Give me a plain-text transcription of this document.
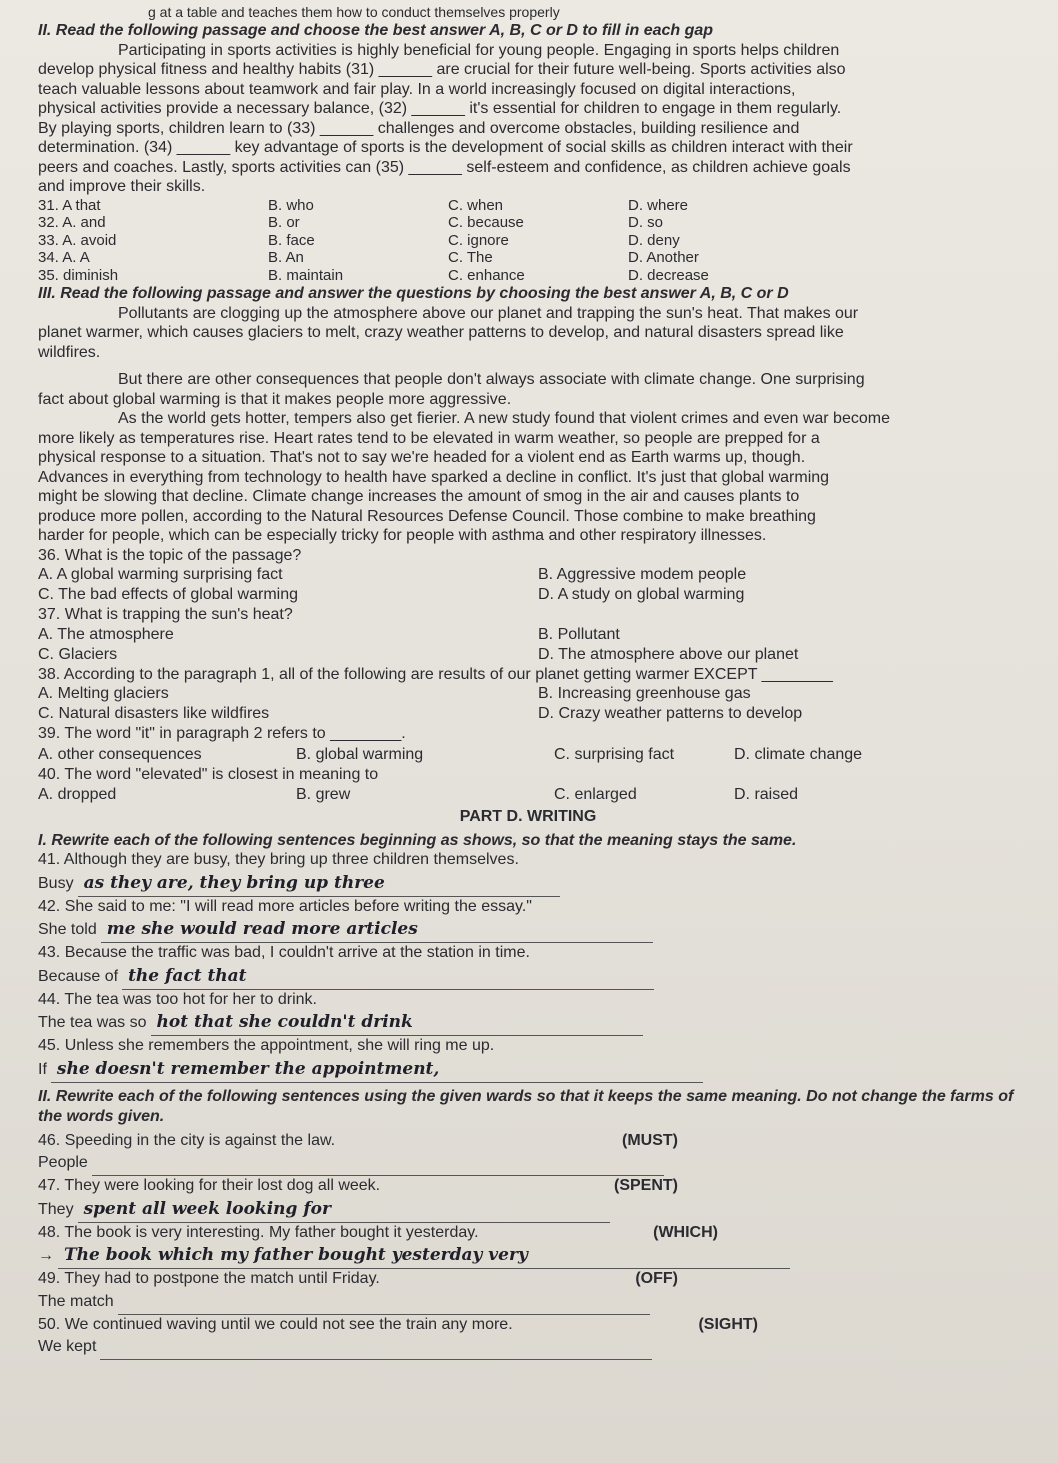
g at a table and teaches them how to conduct themselves properly
II. Read the following passage and choose the best answer A, B, C or D to fill in each gap
Participating in sports activities is highly beneficial for young people. Engaging in sports helps children
develop physical fitness and healthy habits (31) ______ are crucial for their future well-being. Sports activities also
teach valuable lessons about teamwork and fair play. In a world increasingly focused on digital interactions,
physical activities provide a necessary balance, (32) ______ it's essential for children to engage in them regularly.
By playing sports, children learn to (33) ______ challenges and overcome obstacles, building resilience and
determination. (34) ______ key advantage of sports is the development of social skills as children interact with their
peers and coaches. Lastly, sports activities can (35) ______ self-esteem and confidence, as children achieve goals
and improve their skills.
31. A that	B. who	C. when	D. where
32. A. and	B. or	C. because	D. so
33. A. avoid	B. face	C. ignore	D. deny
34. A. A	B. An	C. The	D. Another
35. diminish	B. maintain	C. enhance	D. decrease
III. Read the following passage and answer the questions by choosing the best answer A, B, C or D
Pollutants are clogging up the atmosphere above our planet and trapping the sun's heat. That makes our
planet warmer, which causes glaciers to melt, crazy weather patterns to develop, and natural disasters spread like
wildfires.
But there are other consequences that people don't always associate with climate change. One surprising
fact about global warming is that it makes people more aggressive.
As the world gets hotter, tempers also get fierier. A new study found that violent crimes and even war become
more likely as temperatures rise. Heart rates tend to be elevated in warm weather, so people are prepped for a
physical response to a situation. That's not to say we're headed for a violent end as Earth warms up, though.
Advances in everything from technology to health have sparked a decline in conflict. It's just that global warming
might be slowing that decline. Climate change increases the amount of smog in the air and causes plants to
produce more pollen, according to the Natural Resources Defense Council. Those combine to make breathing
harder for people, which can be especially tricky for people with asthma and other respiratory illnesses.
36. What is the topic of the passage?
A. A global warming surprising fact	B. Aggressive modem people
C. The bad effects of global warming	D. A study on global warming
37. What is trapping the sun's heat?
A. The atmosphere	B. Pollutant
C. Glaciers	D. The atmosphere above our planet
38. According to the paragraph 1, all of the following are results of our planet getting warmer EXCEPT ________
A. Melting glaciers	B. Increasing greenhouse gas
C. Natural disasters like wildfires	D. Crazy weather patterns to develop
39. The word "it" in paragraph 2 refers to ________.
A. other consequences	B. global warming	C. surprising fact	D. climate change
40. The word "elevated" is closest in meaning to
A. dropped	B. grew	C. enlarged	D. raised
PART D. WRITING
I. Rewrite each of the following sentences beginning as shows, so that the meaning stays the same.
41. Although they are busy, they bring up three children themselves.
Busy as they are, they bring up three
42. She said to me: "I will read more articles before writing the essay."
She told me she would read more articles
43. Because the traffic was bad, I couldn't arrive at the station in time.
Because of the fact that
44. The tea was too hot for her to drink.
The tea was so hot that she couldn't drink
45. Unless she remembers the appointment, she will ring me up.
If she doesn't remember the appointment,
II. Rewrite each of the following sentences using the given wards so that it keeps the same meaning. Do not change the farms of the words given.
46. Speeding in the city is against the law.	(MUST)
People
47. They were looking for their lost dog all week.	(SPENT)
They spent all week looking for
48. The book is very interesting. My father bought it yesterday.	(WHICH)
→ The book which my father bought yesterday very
49. They had to postpone the match until Friday.	(OFF)
The match
50. We continued waving until we could not see the train any more.	(SIGHT)
We kept
